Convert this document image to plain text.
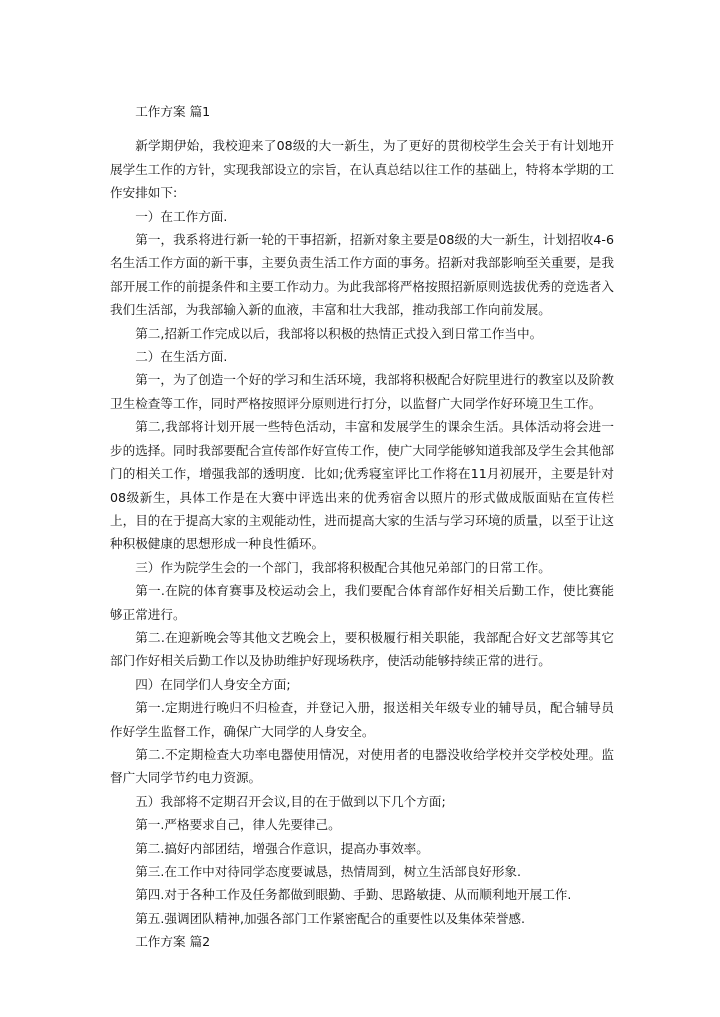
工作方案 篇1

新学期伊始，我校迎来了08级的大一新生，为了更好的贯彻校学生会关于有计划地开展学生工作的方针，实现我部设立的宗旨，在认真总结以往工作的基础上，特将本学期的工作安排如下:

一）在工作方面.

第一，我系将进行新一轮的干事招新，招新对象主要是08级的大一新生，计划招收4-6名生活工作方面的新干事，主要负责生活工作方面的事务。招新对我部影响至关重要，是我部开展工作的前提条件和主要工作动力。为此我部将严格按照招新原则选拔优秀的竞选者入我们生活部，为我部输入新的血液，丰富和壮大我部，推动我部工作向前发展。

第二,招新工作完成以后，我部将以积极的热情正式投入到日常工作当中。

二）在生活方面.

第一，为了创造一个好的学习和生活环境，我部将积极配合好院里进行的教室以及阶教卫生检查等工作，同时严格按照评分原则进行打分，以监督广大同学作好环境卫生工作。

第二,我部将计划开展一些特色活动，丰富和发展学生的课余生活。具体活动将会进一步的选择。同时我部要配合宣传部作好宣传工作，使广大同学能够知道我部及学生会其他部门的相关工作，增强我部的透明度．比如;优秀寝室评比工作将在11月初展开，主要是针对08级新生，具体工作是在大赛中评选出来的优秀宿舍以照片的形式做成版面贴在宣传栏上，目的在于提高大家的主观能动性，进而提高大家的生活与学习环境的质量，以至于让这种积极健康的思想形成一种良性循环。

三）作为院学生会的一个部门，我部将积极配合其他兄弟部门的日常工作。

第一.在院的体育赛事及校运动会上，我们要配合体育部作好相关后勤工作，使比赛能够正常进行。

第二.在迎新晚会等其他文艺晚会上，要积极履行相关职能，我部配合好文艺部等其它部门作好相关后勤工作以及协助维护好现场秩序，使活动能够持续正常的进行。

四）在同学们人身安全方面;

第一.定期进行晚归不归检查，并登记入册，报送相关年级专业的辅导员，配合辅导员作好学生监督工作，确保广大同学的人身安全。

第二.不定期检查大功率电器使用情况，对使用者的电器没收给学校并交学校处理。监督广大同学节约电力资源。

五）我部将不定期召开会议,目的在于做到以下几个方面;

第一.严格要求自己，律人先要律己。

第二.搞好内部团结，增强合作意识，提高办事效率。

第三.在工作中对待同学态度要诚恳，热情周到，树立生活部良好形象.

第四.对于各种工作及任务都做到眼勤、手勤、思路敏捷、从而顺利地开展工作.

第五.强调团队精神,加强各部门工作紧密配合的重要性以及集体荣誉感.

工作方案 篇2
